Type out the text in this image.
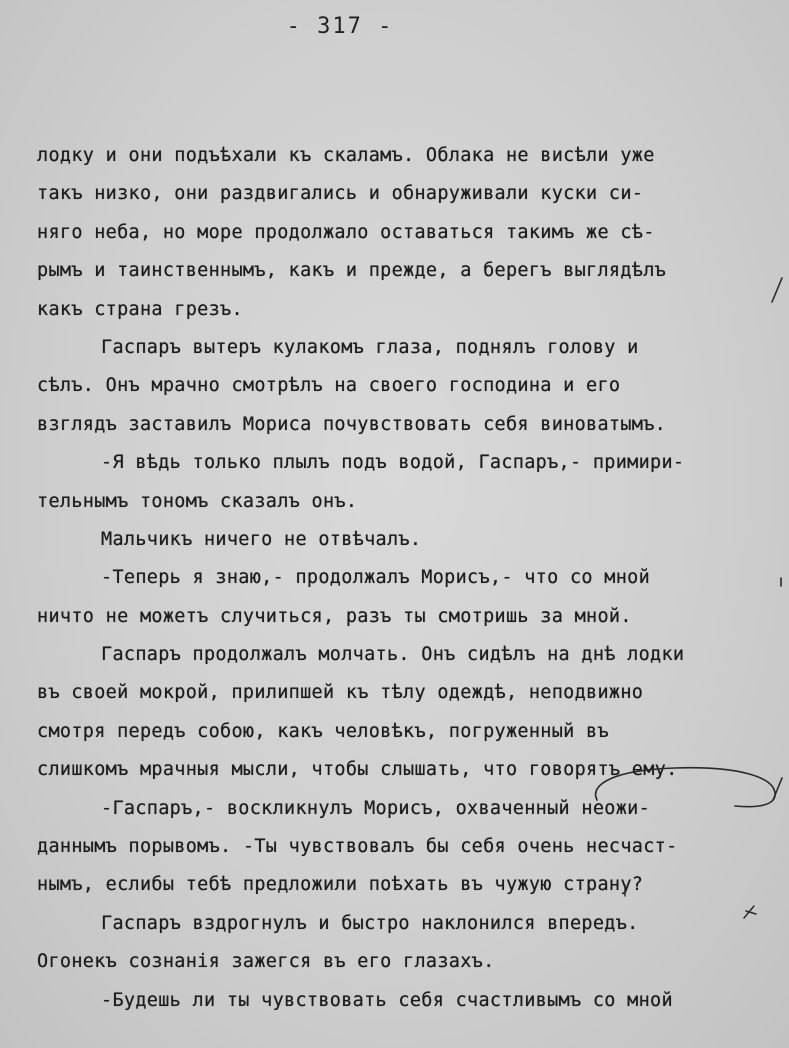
- 317 -
лодку и они подъѣхали къ скаламъ. Облака не висѣли уже
такъ низко, они раздвигались и обнаруживали куски си-
няго неба, но море продолжало оставаться такимъ же сѣ-
рымъ и таинственнымъ, какъ и прежде, а берегъ выглядѣлъ
какъ страна грезъ.
Гаспаръ вытеръ кулакомъ глаза, поднялъ голову и
сѣлъ. Онъ мрачно смотрѣлъ на своего господина и его
взглядъ заставилъ Мориса почувствовать себя виноватымъ.
-Я вѣдь только плылъ подъ водой, Гаспаръ,- примири-
тельнымъ тономъ сказалъ онъ.
Мальчикъ ничего не отвѣчалъ.
-Теперь я знаю,- продолжалъ Морисъ,- что со мной
ничто не можетъ случиться, разъ ты смотришь за мной.
Гаспаръ продолжалъ молчать. Онъ сидѣлъ на днѣ лодки
въ своей мокрой, прилипшей къ тѣлу одеждѣ, неподвижно
смотря передъ собою, какъ человѣкъ, погруженный въ
слишкомъ мрачныя мысли, чтобы слышать, что говорятъ ему.
-Гаспаръ,- воскликнулъ Морисъ, охваченный неожи-
даннымъ порывомъ. -Ты чувствовалъ бы себя очень несчаст-
нымъ, еслибы тебѣ предложили поѣхать въ чужую страну?
Гаспаръ вздрогнулъ и быстро наклонился впередъ.
Огонекъ сознанія зажегся въ его глазахъ.
-Будешь ли ты чувствовать себя счастливымъ со мной
